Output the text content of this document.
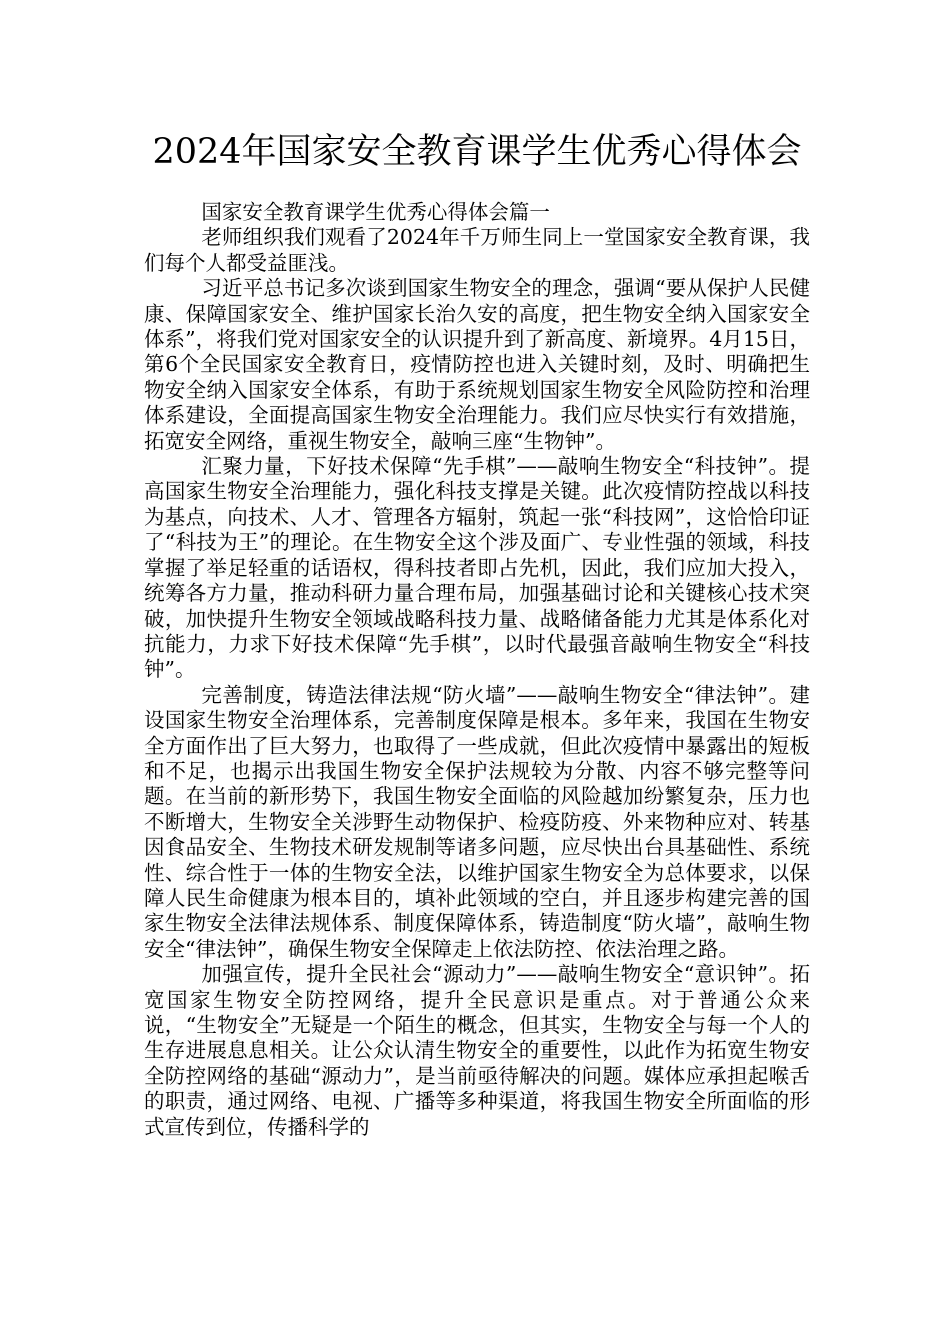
2024年国家安全教育课学生优秀心得体会

国家安全教育课学生优秀心得体会篇一

老师组织我们观看了2024年千万师生同上一堂国家安全教育课，我们每个人都受益匪浅。

习近平总书记多次谈到国家生物安全的理念，强调“要从保护人民健康、保障国家安全、维护国家长治久安的高度，把生物安全纳入国家安全体系”，将我们党对国家安全的认识提升到了新高度、新境界。4月15日，第6个全民国家安全教育日，疫情防控也进入关键时刻，及时、明确把生物安全纳入国家安全体系，有助于系统规划国家生物安全风险防控和治理体系建设，全面提高国家生物安全治理能力。我们应尽快实行有效措施，拓宽安全网络，重视生物安全，敲响三座“生物钟”。

汇聚力量，下好技术保障“先手棋”——敲响生物安全“科技钟”。提高国家生物安全治理能力，强化科技支撑是关键。此次疫情防控战以科技为基点，向技术、人才、管理各方辐射，筑起一张“科技网”，这恰恰印证了“科技为王”的理论。在生物安全这个涉及面广、专业性强的领域，科技掌握了举足轻重的话语权，得科技者即占先机，因此，我们应加大投入，统筹各方力量，推动科研力量合理布局，加强基础讨论和关键核心技术突破，加快提升生物安全领域战略科技力量、战略储备能力尤其是体系化对抗能力，力求下好技术保障“先手棋”，以时代最强音敲响生物安全“科技钟”。

完善制度，铸造法律法规“防火墙”——敲响生物安全“律法钟”。建设国家生物安全治理体系，完善制度保障是根本。多年来，我国在生物安全方面作出了巨大努力，也取得了一些成就，但此次疫情中暴露出的短板和不足，也揭示出我国生物安全保护法规较为分散、内容不够完整等问题。在当前的新形势下，我国生物安全面临的风险越加纷繁复杂，压力也不断增大，生物安全关涉野生动物保护、检疫防疫、外来物种应对、转基因食品安全、生物技术研发规制等诸多问题，应尽快出台具基础性、系统性、综合性于一体的生物安全法，以维护国家生物安全为总体要求，以保障人民生命健康为根本目的，填补此领域的空白，并且逐步构建完善的国家生物安全法律法规体系、制度保障体系，铸造制度“防火墙”，敲响生物安全“律法钟”，确保生物安全保障走上依法防控、依法治理之路。

加强宣传，提升全民社会“源动力”——敲响生物安全“意识钟”。拓宽国家生物安全防控网络，提升全民意识是重点。对于普通公众来说，“生物安全”无疑是一个陌生的概念，但其实，生物安全与每一个人的生存进展息息相关。让公众认清生物安全的重要性，以此作为拓宽生物安全防控网络的基础“源动力”，是当前亟待解决的问题。媒体应承担起喉舌的职责，通过网络、电视、广播等多种渠道，将我国生物安全所面临的形式宣传到位，传播科学的
